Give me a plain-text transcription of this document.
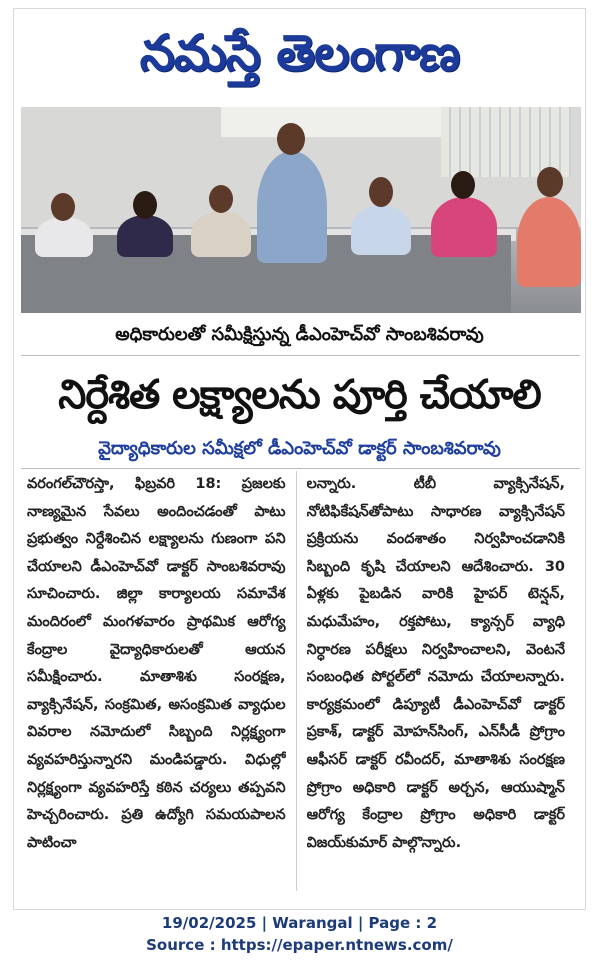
నమస్తే తెలంగాణ
అధికారులతో సమీక్షిస్తున్న డీఎంహెచ్‌వో సాంబశివరావు
నిర్దేశిత లక్ష్యాలను పూర్తి చేయాలి
వైద్యాధికారుల సమీక్షలో డీఎంహెచ్‌వో డాక్టర్ సాంబశివరావు

వరంగల్‌చౌరస్తా, ఫిబ్రవరి 18: ప్రజలకు నాణ్యమైన సేవలు అందించడంతో పాటు ప్రభుత్వం నిర్దేశించిన లక్ష్యాలను గుణంగా పని చేయాలని డీఎంహెచ్‌వో డాక్టర్ సాంబశివరావు సూచించారు. జిల్లా కార్యాలయ సమావేశ మందిరంలో మంగళవారం ప్రాథమిక ఆరోగ్య కేంద్రాల వైద్యాధికారులతో ఆయన సమీక్షించారు. మాతాశిశు సంరక్షణ, వ్యాక్సినేషన్, సంక్రమిత, అసంక్రమిత వ్యాధుల వివరాల నమోదులో సిబ్బంది నిర్లక్ష్యంగా వ్యవహరిస్తున్నారని మండిపడ్డారు. విధుల్లో నిర్లక్ష్యంగా వ్యవహరిస్తే కఠిన చర్యలు తప్పవని హెచ్చరించారు. ప్రతి ఉద్యోగి సమయపాలన పాటించా

లన్నారు. టీబీ వ్యాక్సినేషన్, నోటిఫికేషన్‌తోపాటు సాధారణ వ్యాక్సినేషన్ ప్రక్రియను వందశాతం నిర్వహించడానికి సిబ్బంది కృషి చేయాలని ఆదేశించారు. 30 ఏళ్లకు పైబడిన వారికి హైపర్ టెన్షన్, మధుమేహం, రక్తపోటు, క్యాన్సర్ వ్యాధి నిర్ధారణ పరీక్షలు నిర్వహించాలని, వెంటనే సంబంధిత పోర్టల్‌లో నమోదు చేయాలన్నారు. కార్యక్రమంలో డిప్యూటీ డీఎంహెచ్‌వో డాక్టర్ ప్రకాశ్, డాక్టర్ మోహన్‌సింగ్, ఎన్‌సీడీ ప్రోగ్రాం ఆఫీసర్ డాక్టర్ రవీందర్, మాతాశిశు సంరక్షణ ప్రోగ్రాం అధికారి డాక్టర్ అర్చన, ఆయుష్మాన్ ఆరోగ్య కేంద్రాల ప్రోగ్రాం అధికారి డాక్టర్ విజయ్‌కుమార్ పాల్గొన్నారు.

19/02/2025 | Warangal | Page : 2
Source : https://epaper.ntnews.com/
